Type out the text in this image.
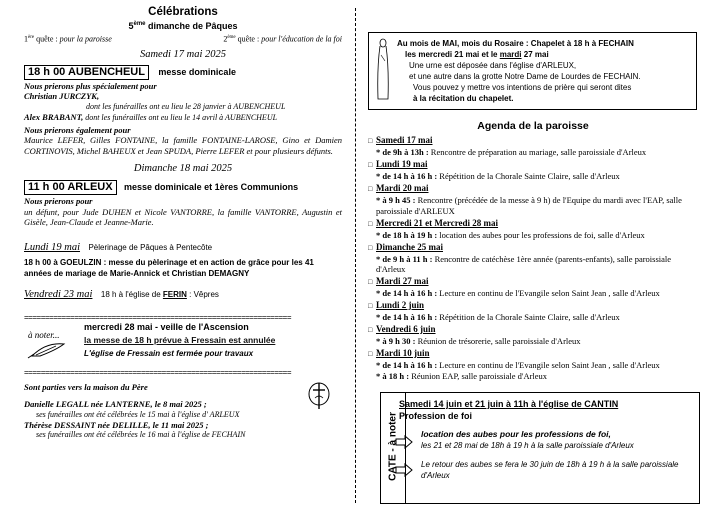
Célébrations

5ème dimanche de Pâques

1ère quête : pour la paroisse	2ème quête : pour l'éducation de la foi

Samedi 17 mai 2025

18 h 00 AUBENCHEUL messe dominicale

Nous prierons plus spécialement pour

Christian JURCZYK,

dont les funérailles ont eu lieu le 28 janvier à AUBENCHEUL

Alex BRABANT, dont les funérailles ont eu lieu le 14 avril à AUBENCHEUL

Nous prierons également pour

Maurice LEFER, Gilles FONTAINE, la famille FONTAINE-LAROSE, Gino et Damien CORTINOVIS, Michel BAHEUX et Jean SPUDA, Pierre LEFER et pour plusieurs défunts.

Dimanche 18 mai 2025

11 h 00 ARLEUX messe dominicale et 1ères Communions

Nous prierons pour

un défunt, pour Jude DUHEN et Nicole VANTORRE, la famille VANTORRE, Augustin et Gisèle, Jean-Claude et Jeanne-Marie.

Lundi 19 mai Pèlerinage de Pâques à Pentecôte

18 h 00 à GOEULZIN : messe du pèlerinage et en action de grâce pour les 41 années de mariage de Marie-Annick et Christian DEMAGNY

Vendredi 23 mai 18 h à l'église de FERIN : Vêpres
================================================================
à noter...

mercredi 28 mai - veille de l'Ascension

la messe de 18 h prévue à Fressain est annulée

L'église de Fressain est fermée pour travaux

================================================================

Sont parties vers la maison du Père

Danielle LEGALL née LANTERNE, le 8 mai 2025 ;

ses funérailles ont été célébrées le 15 mai à l'église d' ARLEUX

Thérèse DESSAINT née DELILLE, le 11 mai 2025 ;

ses funérailles ont été célébrées le 16 mai à l'église de FECHAIN

Au mois de MAI, mois du Rosaire : Chapelet à 18 h à FECHAIN

les mercredi 21 mai et le mardi 27 mai

Une urne est déposée dans l'église d'ARLEUX,

et une autre dans la grotte Notre Dame de Lourdes de FECHAIN.

Vous pouvez y mettre vos intentions de prière qui seront dites

à la récitation du chapelet.

Agenda de la paroisse

□ Samedi 17 mai

* de 9h à 13h : Rencontre de préparation au mariage, salle paroissiale d'Arleux

□ Lundi 19 mai

* de 14 h à 16 h : Répétition de la Chorale Sainte Claire, salle d'Arleux

□ Mardi 20 mai

* à 9 h 45 : Rencontre (précédée de la messe à 9 h) de l'Equipe du mardi avec l'EAP, salle paroissiale d'ARLEUX

□ Mercredi 21 et Mercredi 28 mai

* de 18 h à 19 h : location des aubes pour les professions de foi, salle d'Arleux

□ Dimanche 25 mai

* de 9 h à 11 h : Rencontre de catéchèse 1ère année (parents-enfants), salle paroissiale d'Arleux

□ Mardi 27 mai

* de 14 h à 16 h : Lecture en continu de l'Evangile selon Saint Jean , salle d'Arleux

□ Lundi 2 juin

* de 14 h à 16 h : Répétition de la Chorale Sainte Claire, salle d'Arleux

□ Vendredi 6 juin

* à 9 h 30 : Réunion de trésorerie, salle paroissiale d'Arleux

□ Mardi 10 juin

* de 14 h à 16 h : Lecture en continu de l'Evangile selon Saint Jean , salle d'Arleux

* à 18 h : Réunion EAP, salle paroissiale d'Arleux

CATE - à noter

Samedi 14 juin et 21 juin à 11h à l'église de CANTIN

Profession de foi

location des aubes pour les professions de foi,

les 21 et 28 mai de 18h à 19 h à la salle paroissiale d'Arleux

Le retour des aubes se fera le 30 juin de 18h à 19 h à la salle paroissiale d'Arleux
